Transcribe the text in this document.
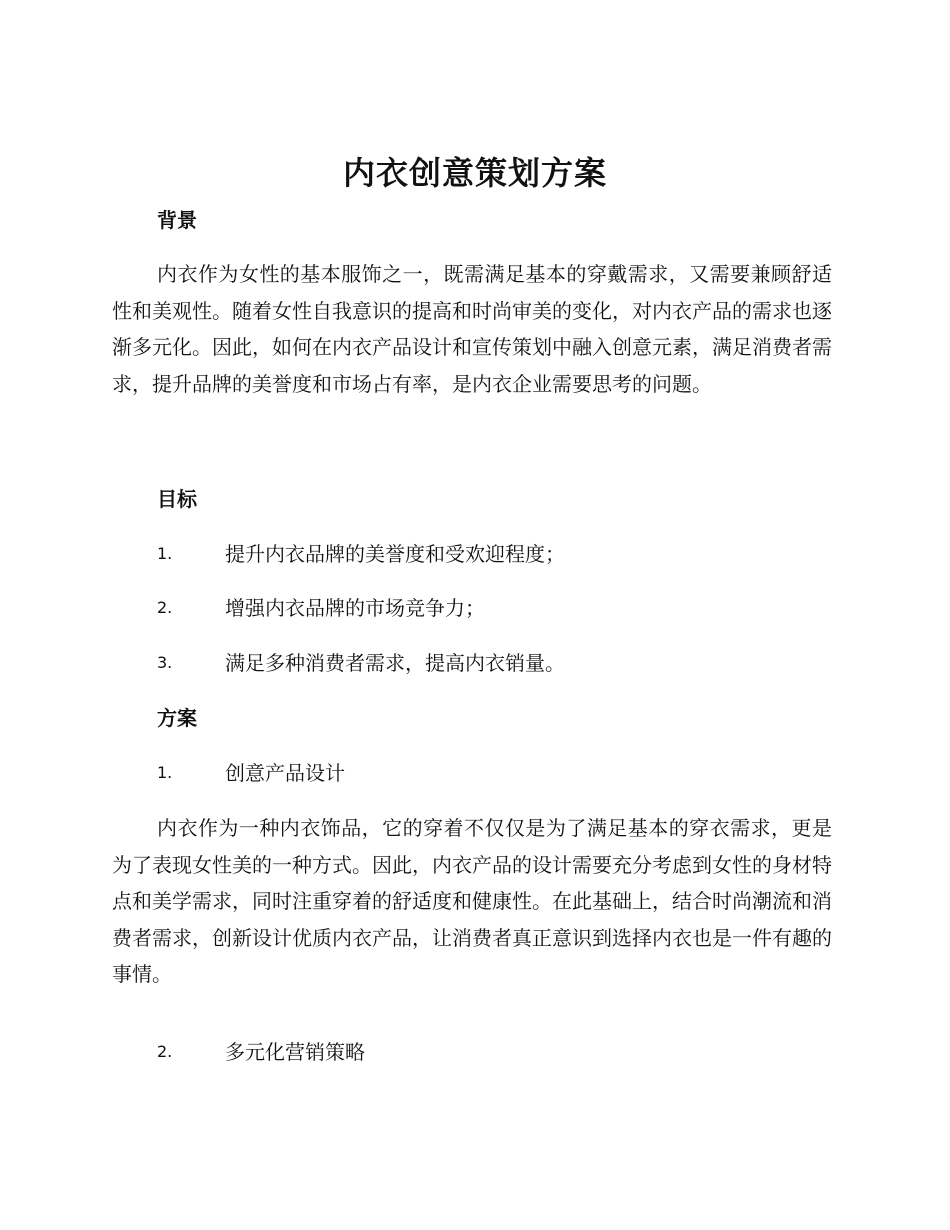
内衣创意策划方案
背景

内衣作为女性的基本服饰之一，既需满足基本的穿戴需求，又需要兼顾舒适性和美观性。随着女性自我意识的提高和时尚审美的变化，对内衣产品的需求也逐渐多元化。因此，如何在内衣产品设计和宣传策划中融入创意元素，满足消费者需求，提升品牌的美誉度和市场占有率，是内衣企业需要思考的问题。

目标
1.	提升内衣品牌的美誉度和受欢迎程度；
2.	增强内衣品牌的市场竞争力；
3.	满足多种消费者需求，提高内衣销量。
方案
1.	创意产品设计

内衣作为一种内衣饰品，它的穿着不仅仅是为了满足基本的穿衣需求，更是为了表现女性美的一种方式。因此，内衣产品的设计需要充分考虑到女性的身材特点和美学需求，同时注重穿着的舒适度和健康性。在此基础上，结合时尚潮流和消费者需求，创新设计优质内衣产品，让消费者真正意识到选择内衣也是一件有趣的事情。

2.	多元化营销策略
